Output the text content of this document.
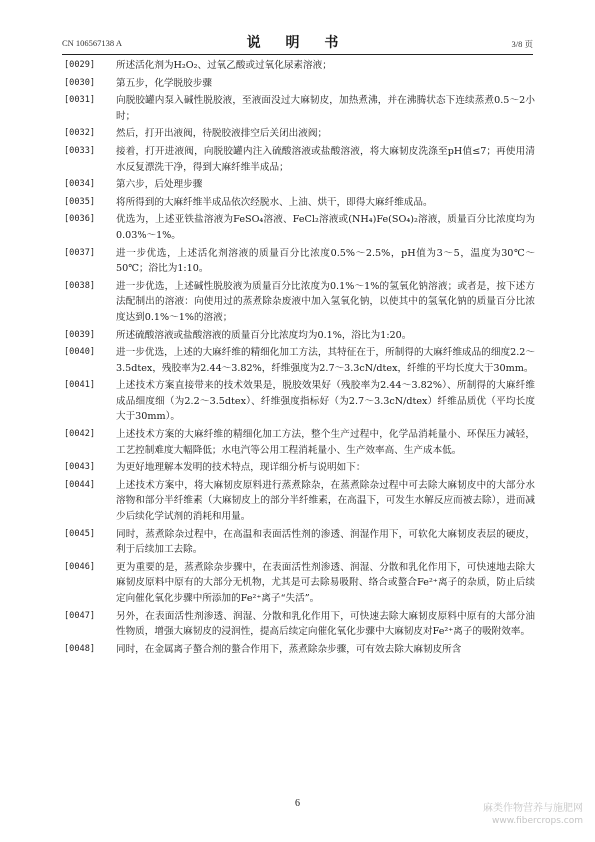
CN 106567138 A	说 明 书	3/8 页
[0029]	所述活化剂为H₂O₂、过氧乙酸或过氧化尿素溶液；
[0030]	第五步，化学脱胶步骤
[0031]	向脱胶罐内泵入碱性脱胶液，至液面没过大麻韧皮，加热煮沸，并在沸腾状态下连续蒸煮0.5～2小时；
[0032]	然后，打开出液阀，待脱胶液排空后关闭出液阀；
[0033]	接着，打开进液阀，向脱胶罐内注入硫酸溶液或盐酸溶液，将大麻韧皮洗涤至pH值≤7；再使用清水反复漂洗干净，得到大麻纤维半成品；
[0034]	第六步，后处理步骤
[0035]	将所得到的大麻纤维半成品依次经脱水、上油、烘干，即得大麻纤维成品。
[0036]	优选为，上述亚铁盐溶液为FeSO₄溶液、FeCl₂溶液或(NH₄)Fe(SO₄)₂溶液，质量百分比浓度均为0.03%～1%。
[0037]	进一步优选，上述活化剂溶液的质量百分比浓度0.5%～2.5%，pH值为3～5，温度为30℃～50℃；浴比为1:10。
[0038]	进一步优选，上述碱性脱胶液为质量百分比浓度为0.1%～1%的氢氧化钠溶液；或者是，按下述方法配制出的溶液：向使用过的蒸煮除杂废液中加入氢氧化钠，以使其中的氢氧化钠的质量百分比浓度达到0.1%～1%的溶液；
[0039]	所述硫酸溶液或盐酸溶液的质量百分比浓度均为0.1%，浴比为1:20。
[0040]	进一步优选，上述的大麻纤维的精细化加工方法，其特征在于，所制得的大麻纤维成品的细度2.2～3.5dtex，残胶率为2.44～3.82%，纤维强度为2.7～3.3cN/dtex，纤维的平均长度大于30mm。
[0041]	上述技术方案直接带来的技术效果是，脱胶效果好（残胶率为2.44～3.82%）、所制得的大麻纤维成品细度细（为2.2～3.5dtex）、纤维强度指标好（为2.7～3.3cN/dtex）纤维品质优（平均长度大于30mm）。
[0042]	上述技术方案的大麻纤维的精细化加工方法，整个生产过程中，化学品消耗量小、环保压力减轻，工艺控制难度大幅降低；水电汽等公用工程消耗量小、生产效率高、生产成本低。
[0043]	为更好地理解本发明的技术特点，现详细分析与说明如下：
[0044]	上述技术方案中，将大麻韧皮原料进行蒸煮除杂，在蒸煮除杂过程中可去除大麻韧皮中的大部分水溶物和部分半纤维素（大麻韧皮上的部分半纤维素，在高温下，可发生水解反应而被去除），进而减少后续化学试剂的消耗和用量。
[0045]	同时，蒸煮除杂过程中，在高温和表面活性剂的渗透、润湿作用下，可软化大麻韧皮表层的硬皮，利于后续加工去除。
[0046]	更为重要的是，蒸煮除杂步骤中，在表面活性剂渗透、润湿、分散和乳化作用下，可快速地去除大麻韧皮原料中原有的大部分无机物，尤其是可去除易吸附、络合或螯合Fe²⁺离子的杂质，防止后续定向催化氧化步骤中所添加的Fe²⁺离子“失活”。
[0047]	另外，在表面活性剂渗透、润湿、分散和乳化作用下，可快速去除大麻韧皮原料中原有的大部分油性物质，增强大麻韧皮的浸润性，提高后续定向催化氧化步骤中大麻韧皮对Fe²⁺离子的吸附效率。
[0048]	同时，在金属离子螯合剂的螯合作用下，蒸煮除杂步骤，可有效去除大麻韧皮所含
6	麻类作物营养与施肥网
www.fibercrops.com
